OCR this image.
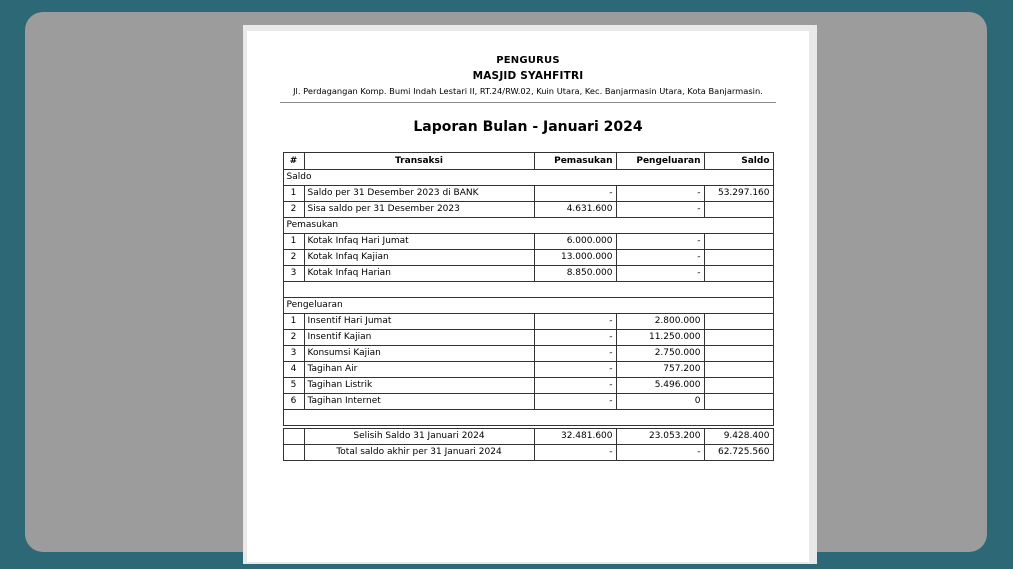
PENGURUS
MASJID SYAHFITRI
Jl. Perdagangan Komp. Bumi Indah Lestari II, RT.24/RW.02, Kuin Utara, Kec. Banjarmasin Utara, Kota Banjarmasin.
Laporan Bulan - Januari 2024
#	Transaksi	Pemasukan	Pengeluaran	Saldo
Saldo				
1	Saldo per 31 Desember 2023 di BANK	-	-	53.297.160
2	Sisa saldo per 31 Desember 2023	4.631.600	-	
Pemasukan				
1	Kotak Infaq Hari Jumat	6.000.000	-	
2	Kotak Infaq Kajian	13.000.000	-	
3	Kotak Infaq Harian	8.850.000	-	

Pengeluaran				
1	Insentif Hari Jumat	-	2.800.000	
2	Insentif Kajian	-	11.250.000	
3	Konsumsi Kajian	-	2.750.000	
4	Tagihan Air	-	757.200	
5	Tagihan Listrik	-	5.496.000	
6	Tagihan Internet	-	0	

	Selisih Saldo 31 Januari 2024	32.481.600	23.053.200	9.428.400
	Total saldo akhir per 31 Januari 2024	-	-	62.725.560
